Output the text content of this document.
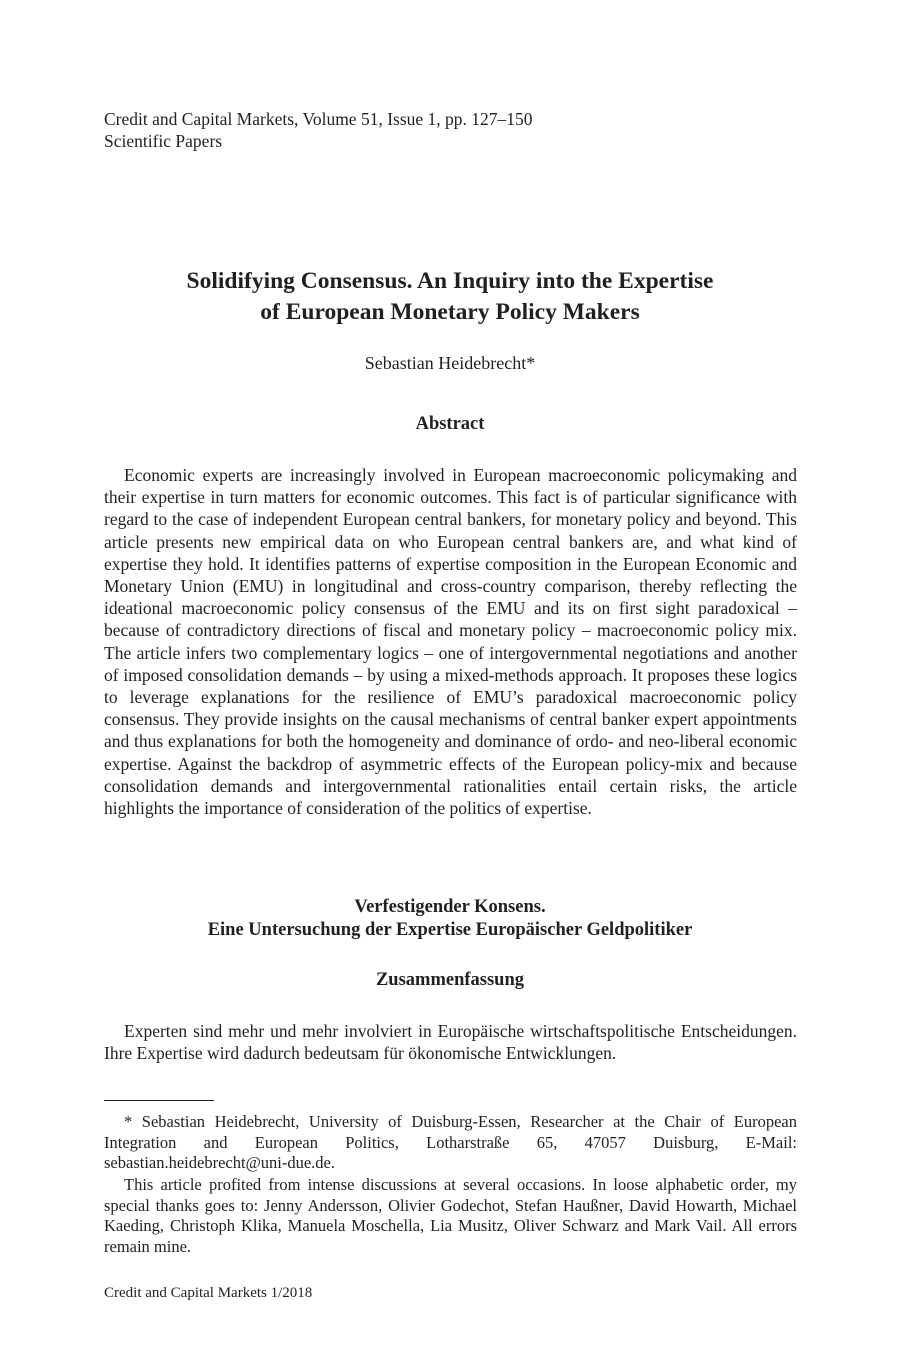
Credit and Capital Markets, Volume 51, Issue 1, pp. 127–150
Scientific Papers
Solidifying Consensus. An Inquiry into the Expertise
of European Monetary Policy Makers
Sebastian Heidebrecht*
Abstract

Economic experts are increasingly involved in European macroeconomic policymaking and their expertise in turn matters for economic outcomes. This fact is of particular significance with regard to the case of independent European central bankers, for monetary policy and beyond. This article presents new empirical data on who European central bankers are, and what kind of expertise they hold. It identifies patterns of expertise composition in the European Economic and Monetary Union (EMU) in longitudinal and cross-country comparison, thereby reflecting the ideational macroeconomic policy consensus of the EMU and its on first sight paradoxical – because of contradictory directions of fiscal and monetary policy – macroeconomic policy mix. The article infers two complementary logics – one of intergovernmental negotiations and another of imposed consolidation demands – by using a mixed-methods approach. It proposes these logics to leverage explanations for the resilience of EMU’s paradoxical macroeconomic policy consensus. They provide insights on the causal mechanisms of central banker expert appointments and thus explanations for both the homogeneity and dominance of ordo- and neo-liberal economic expertise. Against the backdrop of asymmetric effects of the European policy-mix and because consolidation demands and intergovernmental rationalities entail certain risks, the article highlights the importance of consideration of the politics of expertise.

Verfestigender Konsens.
Eine Untersuchung der Expertise Europäischer Geldpolitiker
Zusammenfassung

Experten sind mehr und mehr involviert in Europäische wirtschaftspolitische Entscheidungen. Ihre Expertise wird dadurch bedeutsam für ökonomische Entwicklungen.

* Sebastian Heidebrecht, University of Duisburg-Essen, Researcher at the Chair of European Integration and European Politics, Lotharstraße 65, 47057 Duisburg, E-Mail: sebastian.heidebrecht@uni-due.de.

This article profited from intense discussions at several occasions. In loose alphabetic order, my special thanks goes to: Jenny Andersson, Olivier Godechot, Stefan Haußner, David Howarth, Michael Kaeding, Christoph Klika, Manuela Moschella, Lia Musitz, Oliver Schwarz and Mark Vail. All errors remain mine.

Credit and Capital Markets 1/2018
